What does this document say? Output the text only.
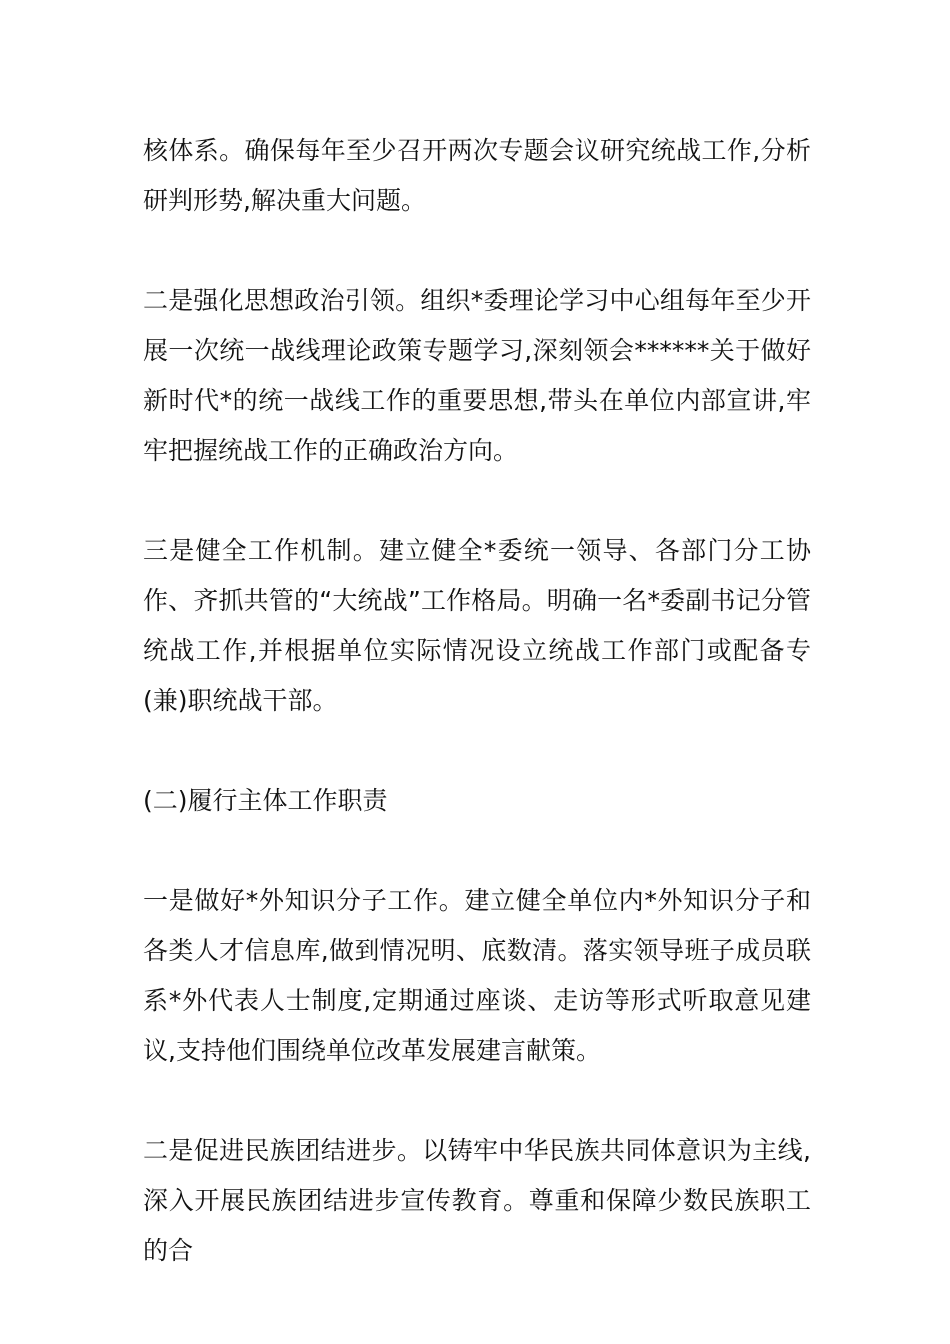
核体系。确保每年至少召开两次专题会议研究统战工作,分析研判形势,解决重大问题。

二是强化思想政治引领。组织*委理论学习中心组每年至少开展一次统一战线理论政策专题学习,深刻领会******关于做好新时代*的统一战线工作的重要思想,带头在单位内部宣讲,牢牢把握统战工作的正确政治方向。

三是健全工作机制。建立健全*委统一领导、各部门分工协作、齐抓共管的“大统战”工作格局。明确一名*委副书记分管统战工作,并根据单位实际情况设立统战工作部门或配备专(兼)职统战干部。

(二)履行主体工作职责

一是做好*外知识分子工作。建立健全单位内*外知识分子和各类人才信息库,做到情况明、底数清。落实领导班子成员联系*外代表人士制度,定期通过座谈、走访等形式听取意见建议,支持他们围绕单位改革发展建言献策。

二是促进民族团结进步。以铸牢中华民族共同体意识为主线,深入开展民族团结进步宣传教育。尊重和保障少数民族职工的合
